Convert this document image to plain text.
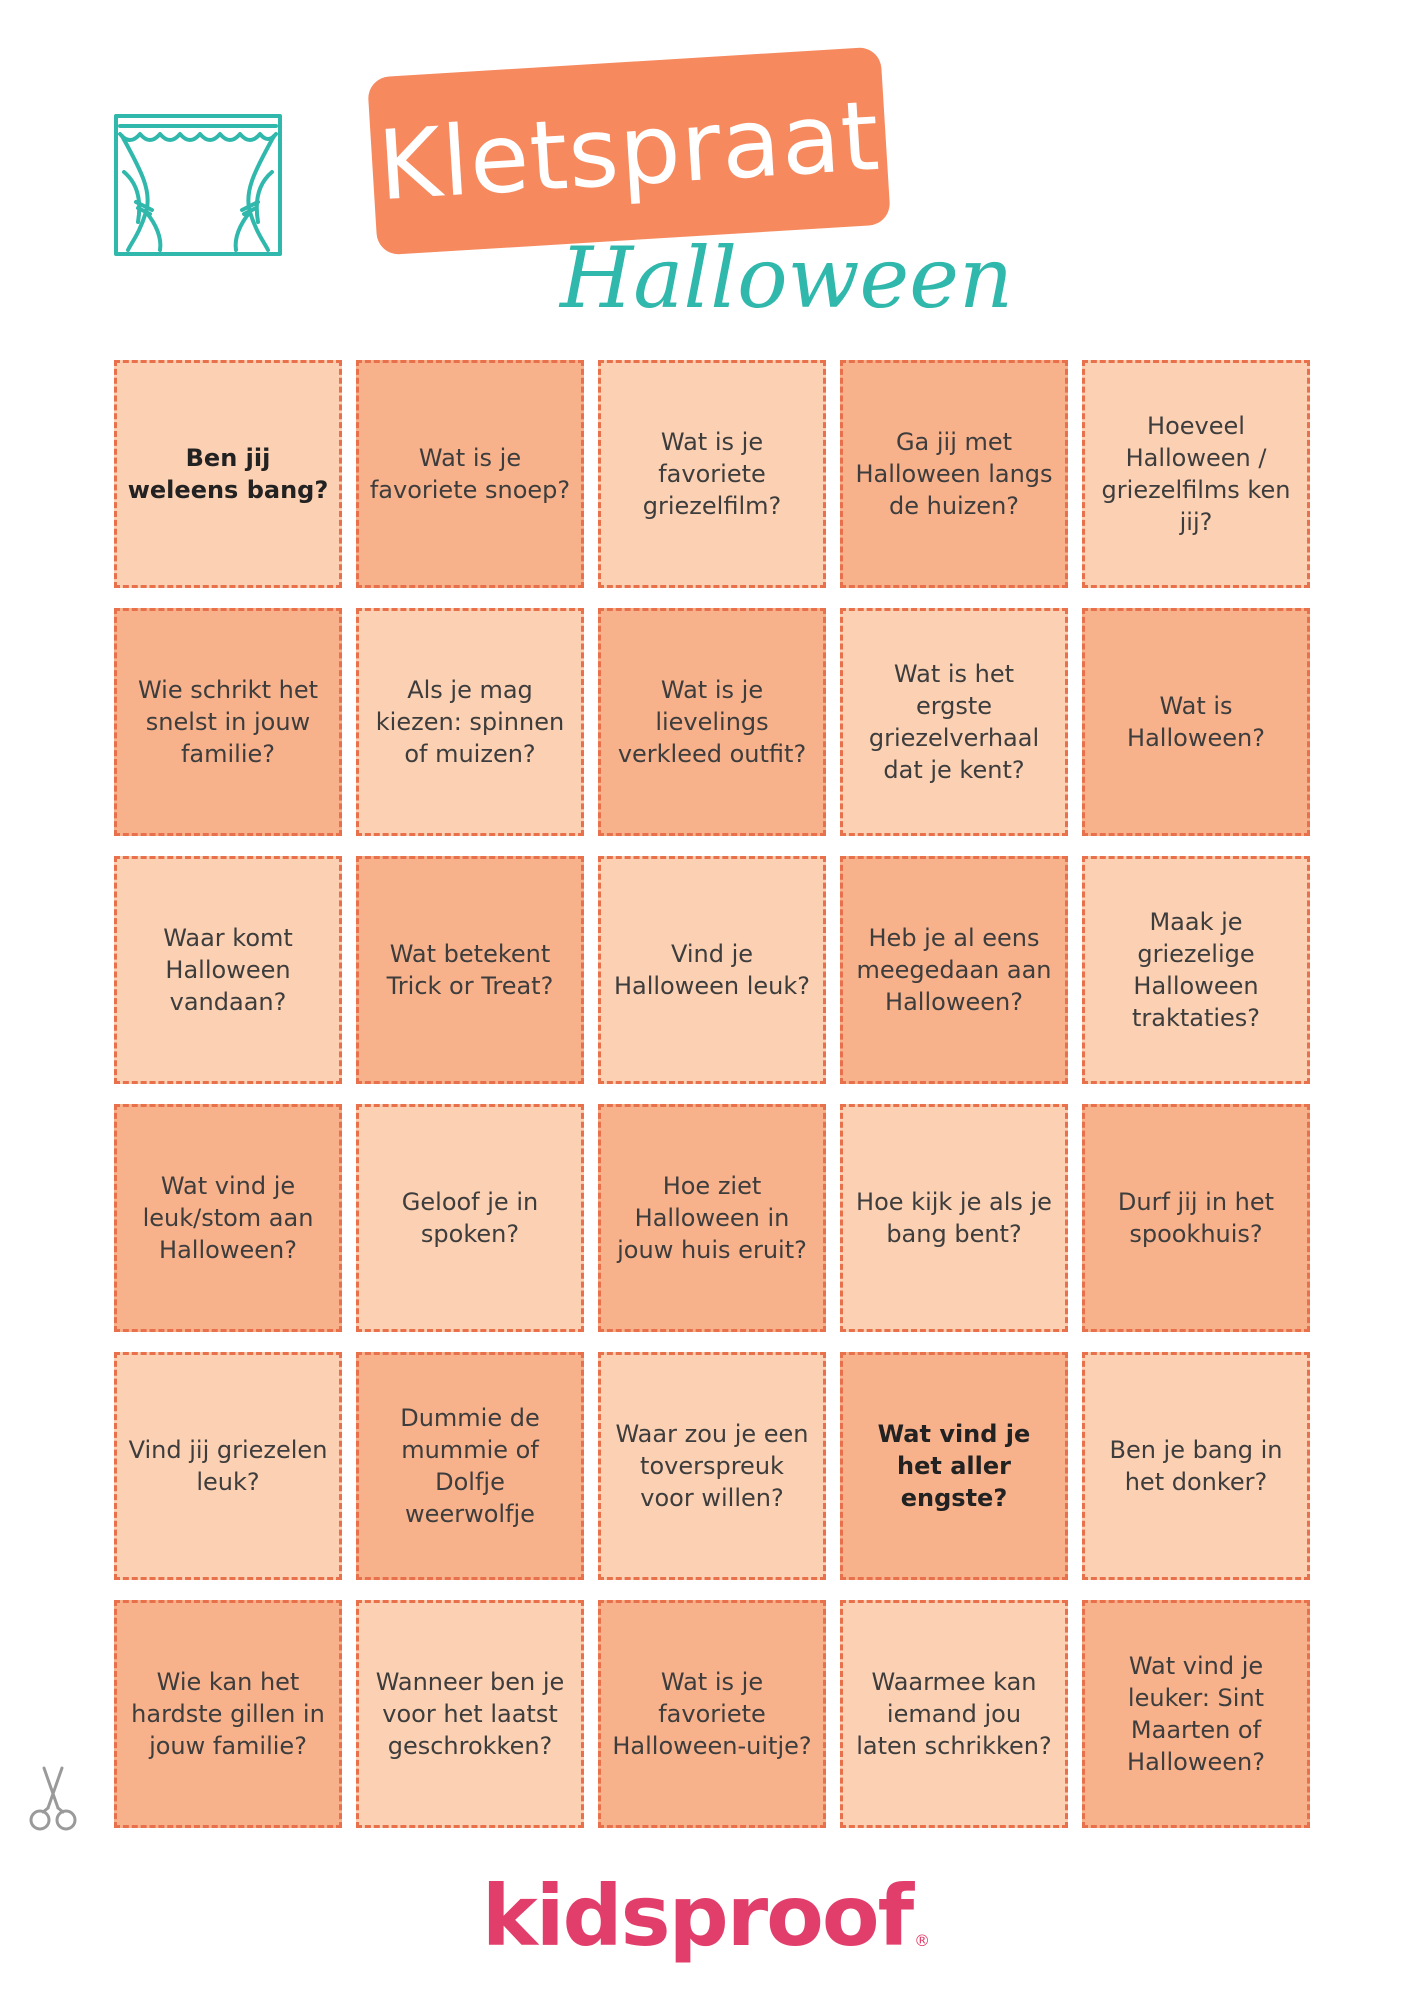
Kletspraat
Halloween
Ben jij weleens bang?
Wat is je favoriete snoep?
Wat is je favoriete griezelfilm?
Ga jij met Halloween langs de huizen?
Hoeveel Halloween / griezelfilms ken jij?
Wie schrikt het snelst in jouw familie?
Als je mag kiezen: spinnen of muizen?
Wat is je lievelings verkleed outfit?
Wat is het ergste griezelverhaal dat je kent?
Wat is Halloween?
Waar komt Halloween vandaan?
Wat betekent Trick or Treat?
Vind je Halloween leuk?
Heb je al eens meegedaan aan Halloween?
Maak je griezelige Halloween traktaties?
Wat vind je leuk/stom aan Halloween?
Geloof je in spoken?
Hoe ziet Halloween in jouw huis eruit?
Hoe kijk je als je bang bent?
Durf jij in het spookhuis?
Vind jij griezelen leuk?
Dummie de mummie of Dolfje weerwolfje
Waar zou je een toverspreuk voor willen?
Wat vind je het aller engste?
Ben je bang in het donker?
Wie kan het hardste gillen in jouw familie?
Wanneer ben je voor het laatst geschrokken?
Wat is je favoriete Halloween-uitje?
Waarmee kan iemand jou laten schrikken?
Wat vind je leuker: Sint Maarten of Halloween?
kidsproof$_®$
